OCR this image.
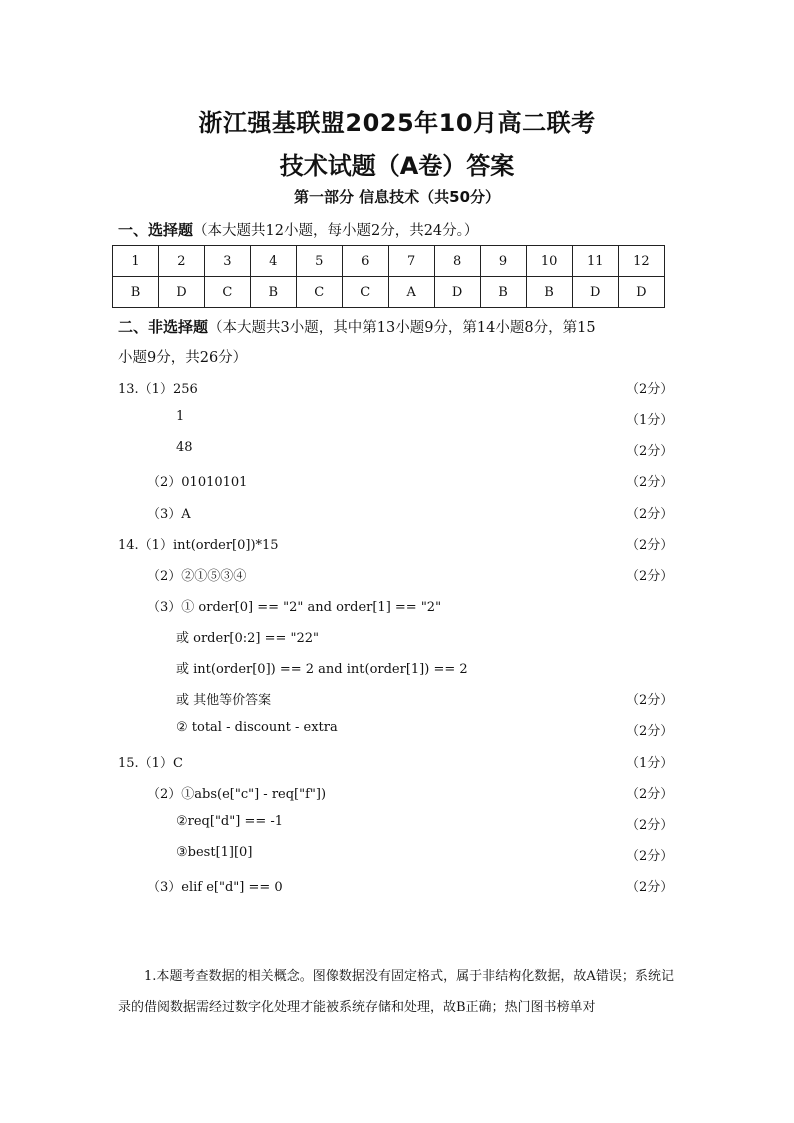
浙江强基联盟2025年10月高二联考
技术试题（A卷）答案
第一部分 信息技术（共50分）
一、选择题（本大题共12小题，每小题2分，共24分。）
1	2	3	4	5	6	7	8	9	10	11	12
B	D	C	B	C	C	A	D	B	B	D	D
二、非选择题（本大题共3小题，其中第13小题9分，第14小题8分，第15
小题9分，共26分）
13.（1）256	（2分）
1	（1分）
48	（2分）
（2）01010101	（2分）
（3）A	（2分）
14.（1）int(order[0])*15	（2分）
（2）②①⑤③④	（2分）
（3）① order[0] == "2" and order[1] == "2"
或 order[0:2] == "22"
或 int(order[0]) == 2 and int(order[1]) == 2
或 其他等价答案	（2分）
② total - discount - extra	（2分）
15.（1）C	（1分）
（2）①abs(e["c"] - req["f"])	（2分）
②req["d"] == -1	（2分）
③best[1][0]	（2分）
（3）elif e["d"] == 0	（2分）
1.本题考查数据的相关概念。图像数据没有固定格式，属于非结构化数据，故A错误；系统记录的借阅数据需经过数字化处理才能被系统存储和处理，故B正确；热门图书榜单对
